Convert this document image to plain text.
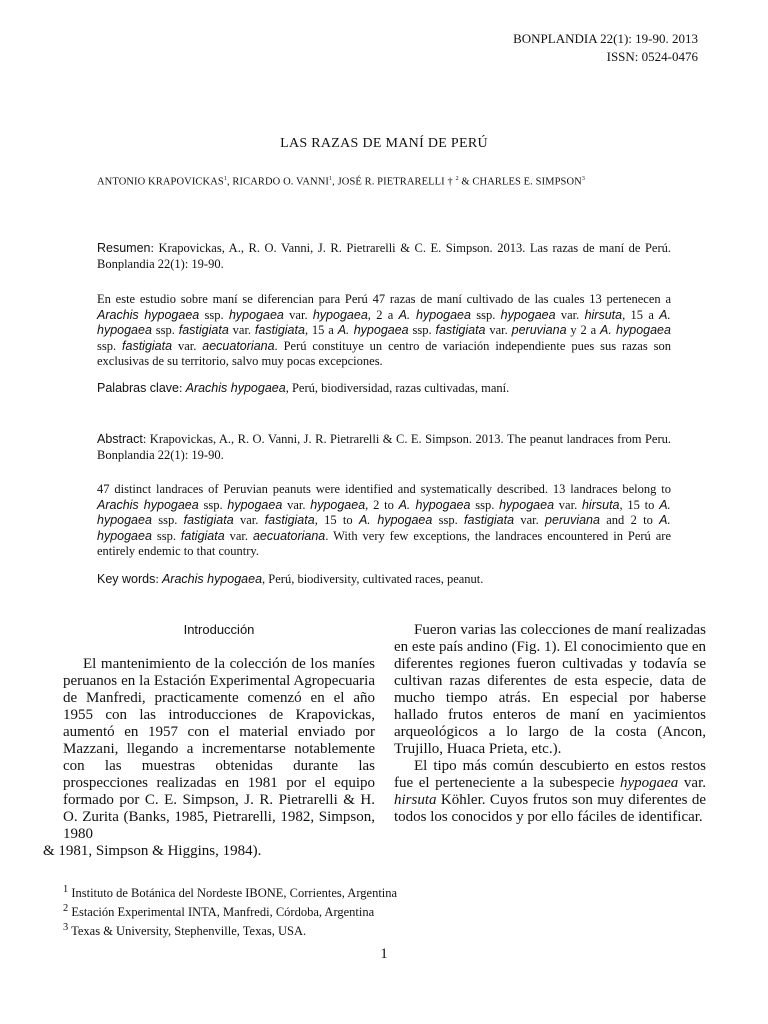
BONPLANDIA 22(1): 19-90. 2013
ISSN: 0524-0476
LAS RAZAS DE MANÍ DE PERÚ
ANTONIO KRAPOVICKAS$^1$, RICARDO O. VANNI$^1$, JOSÉ R. PIETRARELLI † $^2$ & CHARLES E. SIMPSON$^3$
Resumen: Krapovickas, A., R. O. Vanni, J. R. Pietrarelli & C. E. Simpson. 2013. Las razas de maní de Perú. Bonplandia 22(1): 19-90.
En este estudio sobre maní se diferencian para Perú 47 razas de maní cultivado de las cuales 13 pertenecen a Arachis hypogaea ssp. hypogaea var. hypogaea, 2 a A. hypogaea ssp. hypogaea var. hirsuta, 15 a A. hypogaea ssp. fastigiata var. fastigiata, 15 a A. hypogaea ssp. fastigiata var. peruviana y 2 a A. hypogaea ssp. fastigiata var. aecuatoriana. Perú constituye un centro de variación independiente pues sus razas son exclusivas de su territorio, salvo muy pocas excepciones.
Palabras clave: Arachis hypogaea, Perú, biodiversidad, razas cultivadas, maní.
Abstract: Krapovickas, A., R. O. Vanni, J. R. Pietrarelli & C. E. Simpson. 2013. The peanut landraces from Peru. Bonplandia 22(1): 19-90.
47 distinct landraces of Peruvian peanuts were identified and systematically described. 13 landraces belong to Arachis hypogaea ssp. hypogaea var. hypogaea, 2 to A. hypogaea ssp. hypogaea var. hirsuta, 15 to A. hypogaea ssp. fastigiata var. fastigiata, 15 to A. hypogaea ssp. fastigiata var. peruviana and 2 to A. hypogaea ssp. fatigiata var. aecuatoriana. With very few exceptions, the landraces encountered in Perú are entirely endemic to that country.
Key words: Arachis hypogaea, Perú, biodiversity, cultivated races, peanut.
Introducción

El mantenimiento de la colección de los maníes peruanos en la Estación Experimental Agropecuaria de Manfredi, practicamente comenzó en el año 1955 con las introducciones de Krapovickas, aumentó en 1957 con el material enviado por Mazzani, llegando a incrementarse notablemente con las muestras obtenidas durante las prospecciones realizadas en 1981 por el equipo formado por C. E. Simpson, J. R. Pietrarelli & H. O. Zurita (Banks, 1985, Pietrarelli, 1982, Simpson, 1980
& 1981, Simpson & Higgins, 1984).

Fueron varias las colecciones de maní realizadas en este país andino (Fig. 1). El conocimiento que en diferentes regiones fueron cultivadas y todavía se cultivan razas diferentes de esta especie, data de mucho tiempo atrás. En especial por haberse hallado frutos enteros de maní en yacimientos arqueológicos a lo largo de la costa (Ancon, Trujillo, Huaca Prieta, etc.).

El tipo más común descubierto en estos restos fue el perteneciente a la subespecie hypogaea var. hirsuta Köhler. Cuyos frutos son muy diferentes de todos los conocidos y por ello fáciles de identificar.

$^1$ Instituto de Botánica del Nordeste IBONE, Corrientes, Argentina
$^2$ Estación Experimental INTA, Manfredi, Córdoba, Argentina
$^3$ Texas & University, Stephenville, Texas, USA.
1
